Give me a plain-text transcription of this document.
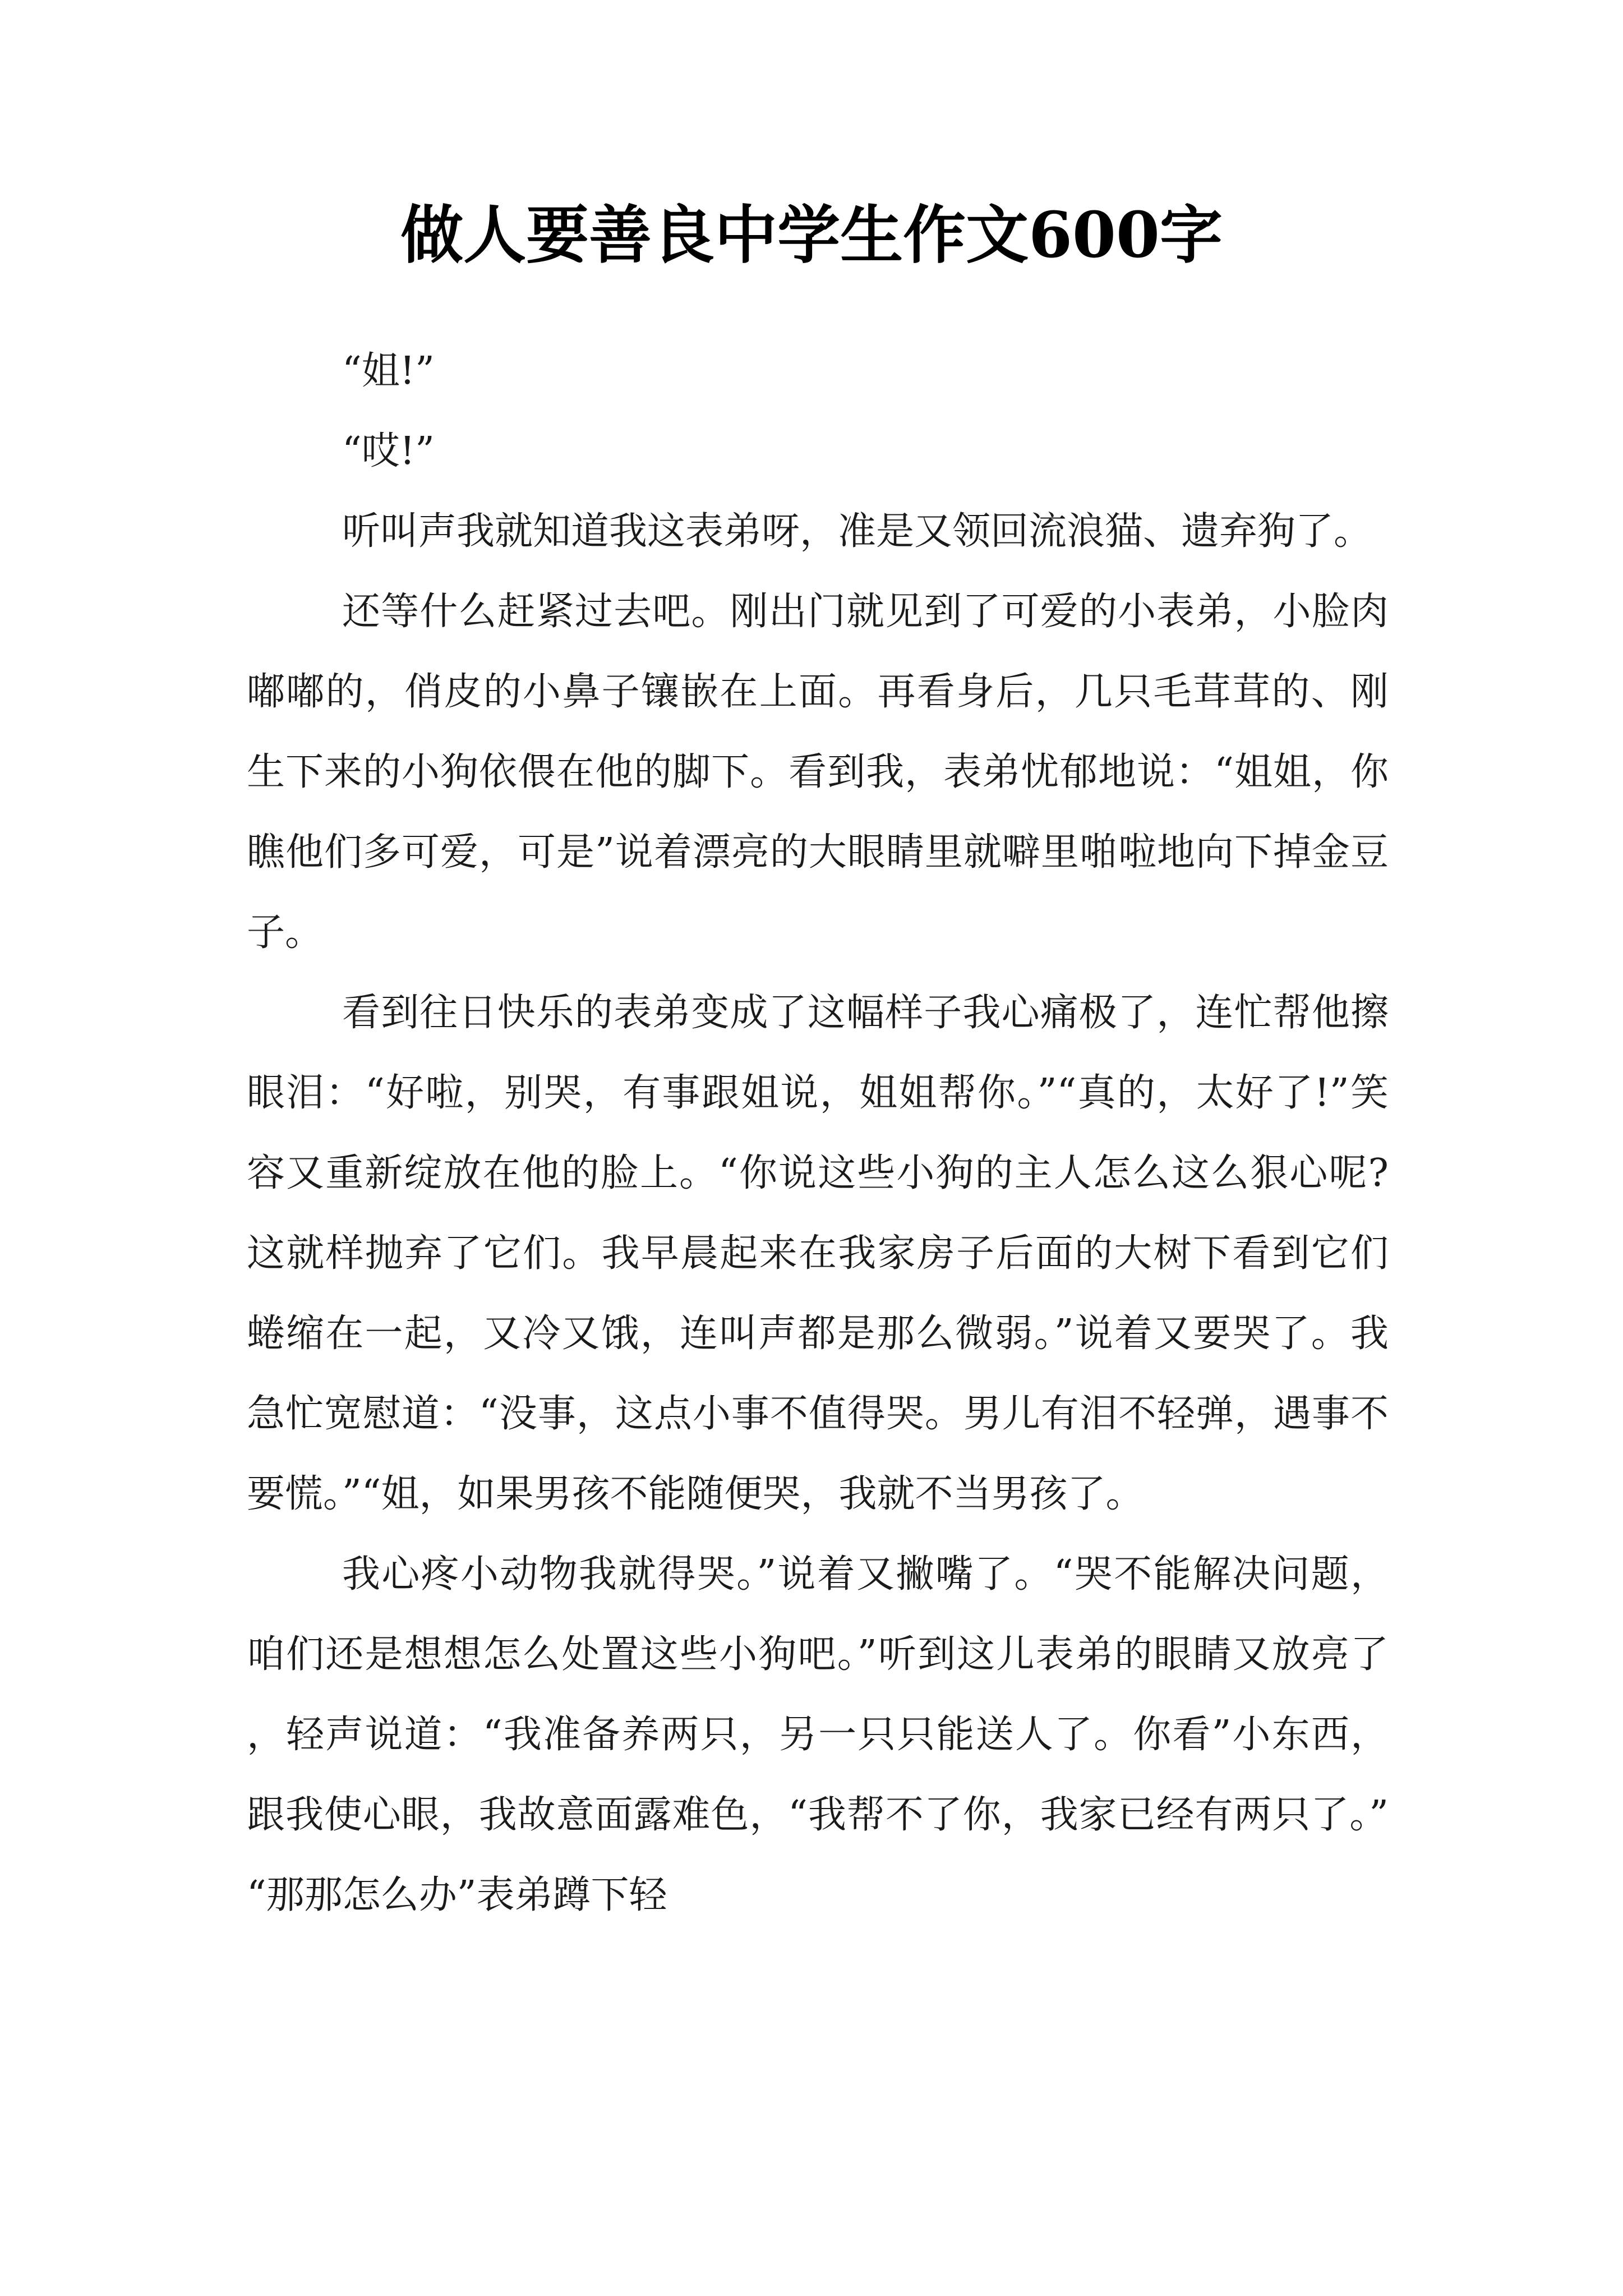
做人要善良中学生作文600字

“姐!”

“哎!”

听叫声我就知道我这表弟呀，准是又领回流浪猫、遗弃狗了。

还等什么赶紧过去吧。刚出门就见到了可爱的小表弟，小脸肉嘟嘟的，俏皮的小鼻子镶嵌在上面。再看身后，几只毛茸茸的、刚生下来的小狗依偎在他的脚下。看到我，表弟忧郁地说：“姐姐，你瞧他们多可爱，可是”说着漂亮的大眼睛里就噼里啪啦地向下掉金豆子。

看到往日快乐的表弟变成了这幅样子我心痛极了，连忙帮他擦眼泪：“好啦，别哭，有事跟姐说，姐姐帮你。”“真的，太好了!”笑容又重新绽放在他的脸上。“你说这些小狗的主人怎么这么狠心呢?这就样抛弃了它们。我早晨起来在我家房子后面的大树下看到它们蜷缩在一起，又冷又饿，连叫声都是那么微弱。”说着又要哭了。我急忙宽慰道：“没事，这点小事不值得哭。男儿有泪不轻弹，遇事不要慌。”“姐，如果男孩不能随便哭，我就不当男孩了。

我心疼小动物我就得哭。”说着又撇嘴了。“哭不能解决问题，咱们还是想想怎么处置这些小狗吧。”听到这儿表弟的眼睛又放亮了，轻声说道：“我准备养两只，另一只只能送人了。你看”小东西，跟我使心眼，我故意面露难色，“我帮不了你，我家已经有两只了。”“那那怎么办”表弟蹲下轻
